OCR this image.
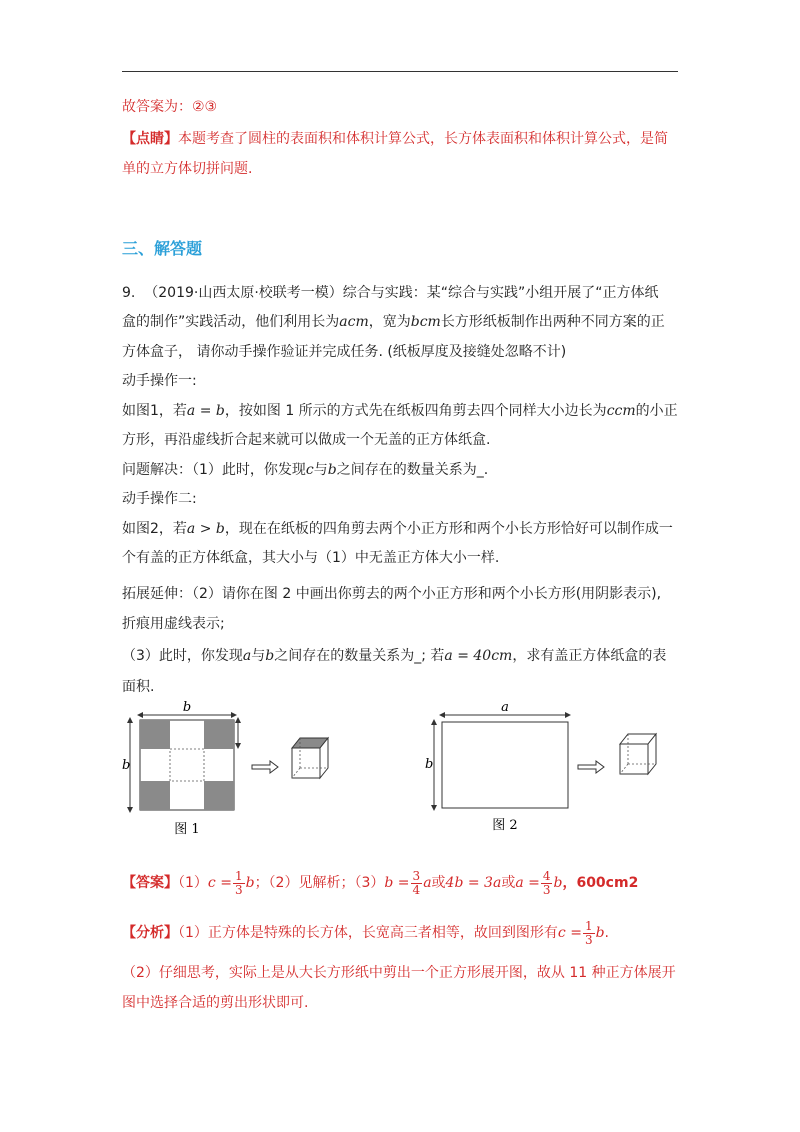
故答案为：②③
【点睛】本题考查了圆柱的表面积和体积计算公式，长方体表面积和体积计算公式，是简
单的立方体切拼问题.
三、解答题
9. （2019·山西太原·校联考一模）综合与实践：某“综合与实践”小组开展了“正方体纸
盒的制作”实践活动，他们利用长为acm，宽为bcm长方形纸板制作出两种不同方案的正
方体盒子， 请你动手操作验证并完成任务. (纸板厚度及接缝处忽略不计)
动手操作一:
如图1，若a = b，按如图 1 所示的方式先在纸板四角剪去四个同样大小边长为ccm的小正
方形，再沿虚线折合起来就可以做成一个无盖的正方体纸盒.
问题解决：（1）此时，你发现c与b之间存在的数量关系为_.
动手操作二:
如图2，若a > b，现在在纸板的四角剪去两个小正方形和两个小长方形恰好可以制作成一
个有盖的正方体纸盒，其大小与（1）中无盖正方体大小一样.
拓展延伸：（2）请你在图 2 中画出你剪去的两个小正方形和两个小长方形(用阴影表示),
折痕用虚线表示;
（3）此时，你发现a与b之间存在的数量关系为_; 若a = 40cm，求有盖正方体纸盒的表
面积.
b
b
图 1
a
b
图 2
【答案】$(1)c = \frac{1}{3}$ b；（2）见解析；$(3)b = \frac{3}{4}$ a或4b = 3a或$a = \frac{4}{3}$ b，600cm2
【分析】（1）正方体是特殊的长方体，长宽高三者相等，故回到图形有$c = \frac{1}{3} b$.
（2）仔细思考，实际上是从大长方形纸中剪出一个正方形展开图，故从 11 种正方体展开
图中选择合适的剪出形状即可.
